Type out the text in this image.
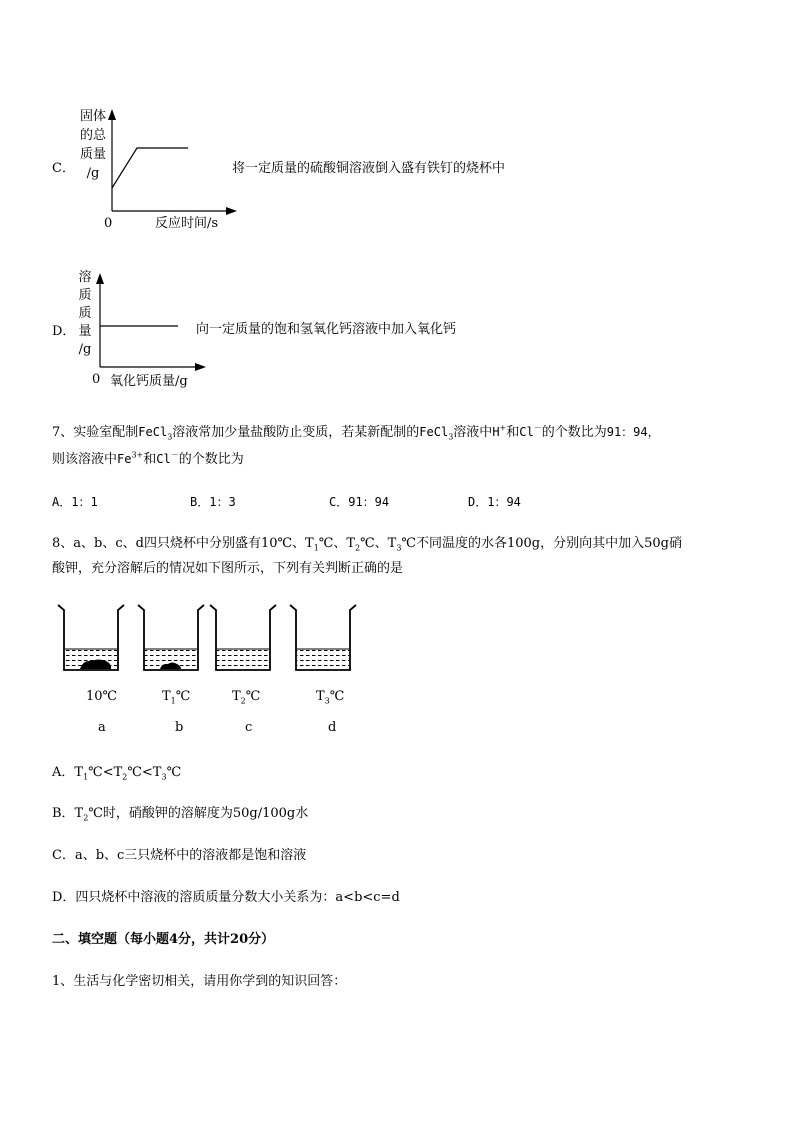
C．
固体
的总
质量
/g
0	反应时间/s
将一定质量的硫酸铜溶液倒入盛有铁钉的烧杯中
D．
溶
质
质
量
/g
0 氧化钙质量/g
向一定质量的饱和氢氧化钙溶液中加入氧化钙
7、实验室配制FeCl$_3$溶液常加少量盐酸防止变质，若某新配制的FeCl$_3$溶液中H+和Cl－的个数比为91：94，
则该溶液中$Fe^{3+}$和Cl－的个数比为
A．1：1	B．1：3	C．91：94	D．1：94
8、a、b、c、d四只烧杯中分别盛有10℃、$T_1℃$、$T_2℃$、$T_3℃$不同温度的水各100g，分别向其中加入50g硝
酸钾，充分溶解后的情况如下图所示，下列有关判断正确的是
10℃	$T_1℃$	$T_2℃$	$T_3℃$
a	b	c	d
A．$T_1℃<T_2℃<T_3℃$
B．$T_2℃$时，硝酸钾的溶解度为50g/100g水
C．a、b、c三只烧杯中的溶液都是饱和溶液
D．四只烧杯中溶液的溶质质量分数大小关系为：a<b<c=d
二、填空题（每小题4分，共计20分）
1、生活与化学密切相关，请用你学到的知识回答：
